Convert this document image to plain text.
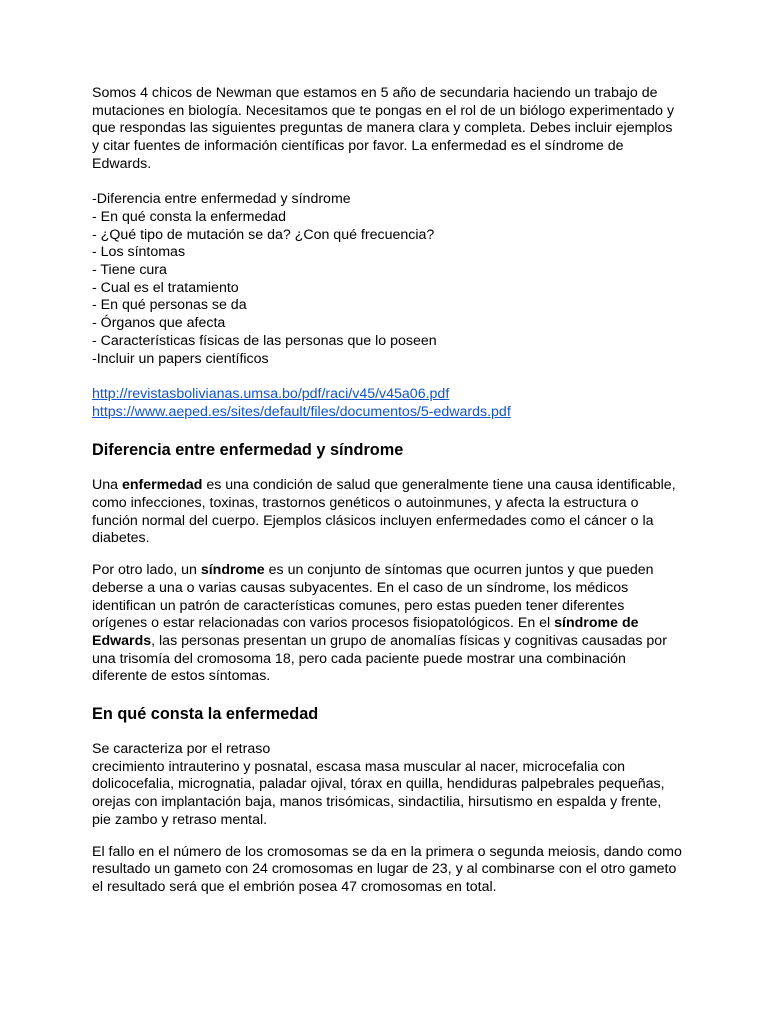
Somos 4 chicos de Newman que estamos en 5 año de secundaria haciendo un trabajo de mutaciones en biología. Necesitamos que te pongas en el rol de un biólogo experimentado y que respondas las siguientes preguntas de manera clara y completa. Debes incluir ejemplos y citar fuentes de información científicas por favor. La enfermedad es el síndrome de Edwards.

-Diferencia entre enfermedad y síndrome
- En qué consta la enfermedad
- ¿Qué tipo de mutación se da? ¿Con qué frecuencia?
- Los síntomas
- Tiene cura
- Cual es el tratamiento
- En qué personas se da
- Órganos que afecta
- Características físicas de las personas que lo poseen
-Incluir un papers científicos
http://revistasbolivianas.umsa.bo/pdf/raci/v45/v45a06.pdf
https://www.aeped.es/sites/default/files/documentos/5-edwards.pdf
Diferencia entre enfermedad y síndrome

Una enfermedad es una condición de salud que generalmente tiene una causa identificable, como infecciones, toxinas, trastornos genéticos o autoinmunes, y afecta la estructura o función normal del cuerpo. Ejemplos clásicos incluyen enfermedades como el cáncer o la diabetes.

Por otro lado, un síndrome es un conjunto de síntomas que ocurren juntos y que pueden deberse a una o varias causas subyacentes. En el caso de un síndrome, los médicos identifican un patrón de características comunes, pero estas pueden tener diferentes orígenes o estar relacionadas con varios procesos fisiopatológicos. En el síndrome de Edwards, las personas presentan un grupo de anomalías físicas y cognitivas causadas por una trisomía del cromosoma 18, pero cada paciente puede mostrar una combinación diferente de estos síntomas.

En qué consta la enfermedad

Se caracteriza por el retraso
crecimiento intrauterino y posnatal, escasa masa muscular al nacer, microcefalia con dolicocefalia, micrognatia, paladar ojival, tórax en quilla, hendiduras palpebrales pequeñas, orejas con implantación baja, manos trisómicas, sindactilia, hirsutismo en espalda y frente, pie zambo y retraso mental.

El fallo en el número de los cromosomas se da en la primera o segunda meiosis, dando como resultado un gameto con 24 cromosomas en lugar de 23, y al combinarse con el otro gameto el resultado será que el embrión posea 47 cromosomas en total.
